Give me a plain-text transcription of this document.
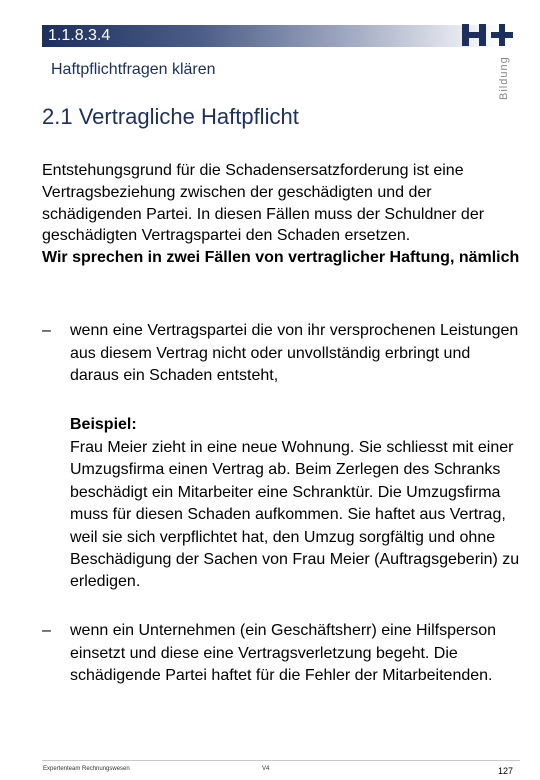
1.1.8.3.4
Haftpflichtfragen klären	Bildung
2.1 Vertragliche Haftpflicht
Entstehungsgrund für die Schadensersatzforderung ist eine Vertragsbeziehung zwischen der geschädigten und der schädigenden Partei. In diesen Fällen muss der Schuldner der geschädigten Vertragspartei den Schaden ersetzen.
Wir sprechen in zwei Fällen von vertraglicher Haftung, nämlich
– wenn eine Vertragspartei die von ihr versprochenen Leistungen aus diesem Vertrag nicht oder unvollständig erbringt und daraus ein Schaden entsteht,
Beispiel:
Frau Meier zieht in eine neue Wohnung. Sie schliesst mit einer Umzugsfirma einen Vertrag ab. Beim Zerlegen des Schranks beschädigt ein Mitarbeiter eine Schranktür. Die Umzugsfirma muss für diesen Schaden aufkommen. Sie haftet aus Vertrag, weil sie sich verpflichtet hat, den Umzug sorgfältig und ohne Beschädigung der Sachen von Frau Meier (Auftragsgeberin) zu erledigen.
– wenn ein Unternehmen (ein Geschäftsherr) eine Hilfsperson einsetzt und diese eine Vertragsverletzung begeht. Die schädigende Partei haftet für die Fehler der Mitarbeitenden.
Expertenteam Rechnungswesen	V4	127
